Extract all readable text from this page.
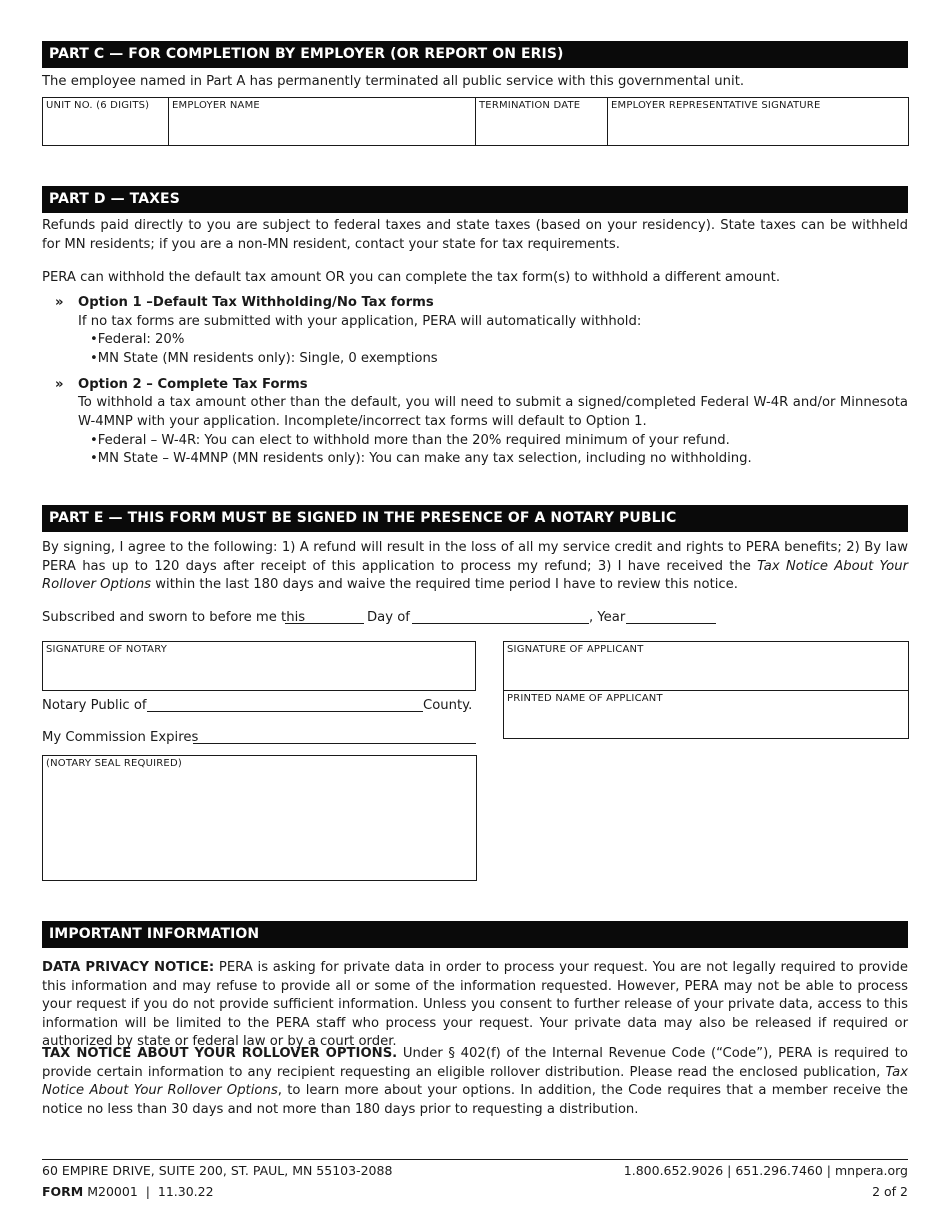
PART C — FOR COMPLETION BY EMPLOYER (OR REPORT ON ERIS)
The employee named in Part A has permanently terminated all public service with this governmental unit.
UNIT NO. (6 DIGITS)	EMPLOYER NAME	TERMINATION DATE	EMPLOYER REPRESENTATIVE SIGNATURE
PART D — TAXES
Refunds paid directly to you are subject to federal taxes and state taxes (based on your residency). State taxes can be withheld for MN residents; if you are a non-MN resident, contact your state for tax requirements.
PERA can withhold the default tax amount OR you can complete the tax form(s) to withhold a different amount.
» Option 1 –Default Tax Withholding/No Tax forms
If no tax forms are submitted with your application, PERA will automatically withhold:
•Federal: 20%
•MN State (MN residents only): Single, 0 exemptions
» Option 2 – Complete Tax Forms
To withhold a tax amount other than the default, you will need to submit a signed/completed Federal W-4R and/or Minnesota W-4MNP with your application. Incomplete/incorrect tax forms will default to Option 1.
•Federal – W-4R: You can elect to withhold more than the 20% required minimum of your refund.
•MN State – W-4MNP (MN residents only): You can make any tax selection, including no withholding.
PART E — THIS FORM MUST BE SIGNED IN THE PRESENCE OF A NOTARY PUBLIC
By signing, I agree to the following: 1) A refund will result in the loss of all my service credit and rights to PERA benefits; 2) By law PERA has up to 120 days after receipt of this application to process my refund; 3) I have received the Tax Notice About Your Rollover Options within the last 180 days and waive the required time period I have to review this notice.
Subscribed and sworn to before me this	Day of	, Year
SIGNATURE OF NOTARY
Notary Public of	County.
My Commission Expires
(NOTARY SEAL REQUIRED)
SIGNATURE OF APPLICANT
PRINTED NAME OF APPLICANT
IMPORTANT INFORMATION
DATA PRIVACY NOTICE: PERA is asking for private data in order to process your request. You are not legally required to provide this information and may refuse to provide all or some of the information requested. However, PERA may not be able to process your request if you do not provide sufficient information. Unless you consent to further release of your private data, access to this information will be limited to the PERA staff who process your request. Your private data may also be released if required or authorized by state or federal law or by a court order.
TAX NOTICE ABOUT YOUR ROLLOVER OPTIONS. Under § 402(f) of the Internal Revenue Code (“Code”), PERA is required to provide certain information to any recipient requesting an eligible rollover distribution. Please read the enclosed publication, Tax Notice About Your Rollover Options, to learn more about your options. In addition, the Code requires that a member receive the notice no less than 30 days and not more than 180 days prior to requesting a distribution.
60 EMPIRE DRIVE, SUITE 200, ST. PAUL, MN 55103-2088
FORM M20001  |  11.30.22
1.800.652.9026 | 651.296.7460 | mnpera.org
2 of 2
